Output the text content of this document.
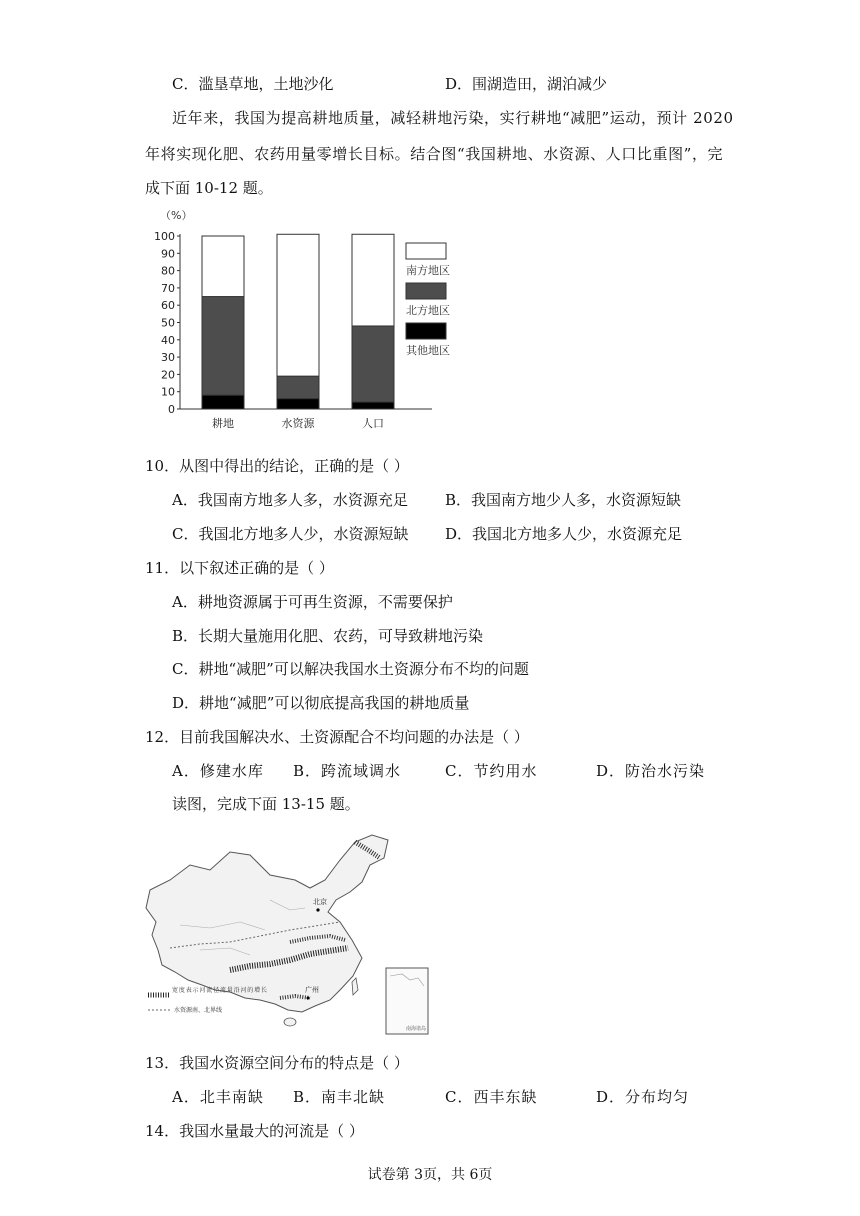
C．滥垦草地，土地沙化	D．围湖造田，湖泊减少
近年来，我国为提高耕地质量，减轻耕地污染，实行耕地“减肥”运动，预计 2020
年将实现化肥、农药用量零增长目标。结合图“我国耕地、水资源、人口比重图”，完
成下面 10-12 题。
（%）
0
10
20
30
40
50
60
70
80
90
100
耕地	水资源	人口
南方地区
北方地区
其他地区
10．从图中得出的结论，正确的是（ ）
A．我国南方地多人多，水资源充足 B．我国南方地少人多，水资源短缺
C．我国北方地多人少，水资源短缺 D．我国北方地多人少，水资源充足
11．以下叙述正确的是（ ）
A．耕地资源属于可再生资源，不需要保护
B．长期大量施用化肥、农药，可导致耕地污染
C．耕地“减肥”可以解决我国水土资源分布不均的问题
D．耕地“减肥”可以彻底提高我国的耕地质量
12．目前我国解决水、土资源配合不均问题的办法是（ ）
A．修建水库 B．跨流域调水	C．节约用水	D．防治水污染
读图，完成下面 13-15 题。
北京
广州
宽度表示河流径流量沿河的增长
水资源南、北界线
南海诸岛
13．我国水资源空间分布的特点是（ ）
A．北丰南缺 B．南丰北缺	C．西丰东缺	D．分布均匀
14．我国水量最大的河流是（ ）
试卷第 3页，共 6页
